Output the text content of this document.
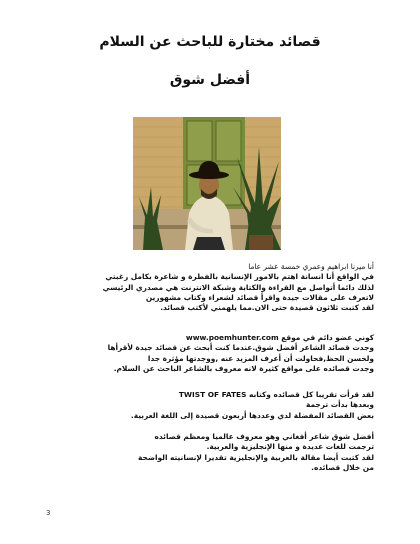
قصائد مختارة للباحث عن السلام
أفضل شوق
أنا ميرنا ابراهيم وعمري خمسة عشر عاما
في الواقع أنا انسانة اهتم بالامور الإنسانية بالفطرة و شاعرة بكامل رغبتي
لذلك دائما أتواصل مع القراءة والكتابة وشبكة الانترنت هي مصدري الرئيسي
لاتعرف على مقالات جيدة واقرأ قصائد لشعراء وكتاب مشهورين
لقد كتبت ثلاثون قصيدة حتى الان.مما يلهمني لأكتب قصائد.
كوني عضو دائم في موقع www.poemhunter.com
وجدت قصائد الشاعر أفضل شوق.عندما كنت أبحث عن قصائد جيدة لأقرأها
ولحسن الحظ,فحاولت أن أعرف المزيد عنه ,ووجدتها مؤثرة جدا
وجدت قصائده على مواقع كثيرة لانه معروف بالشاعر الباحث عن السلام.
لقد قرأت تقريبا كل قصائده وكتابه TWIST OF FATES
وبعدها بدأت ترجمة
بعض القصائد المفضلة لدي وعددها أربعون قصيدة إلى اللغة العربية.
أفضل شوق شاعر أفغاني وهو معروف عالميا ومعظم قصائده
ترجمت للغات عديدة و منها الإنجليزية والعربية.
لقد كتبت أيضا مقالة بالعربية والإنجليزية تقديرا لإنسانيته الواضحة
من خلال قصائده.
3
